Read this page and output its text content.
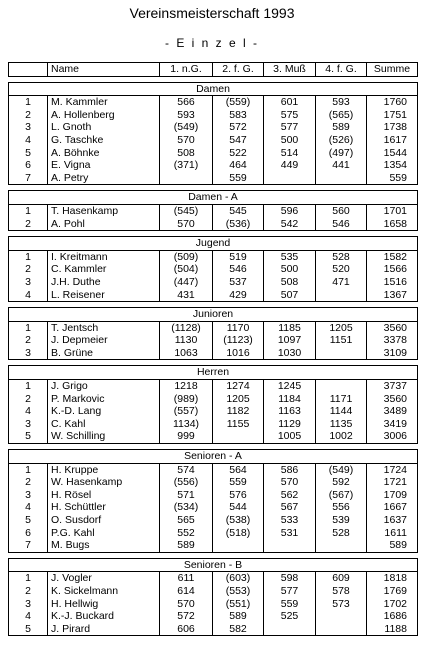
Vereinsmeisterschaft 1993
- E i n z e l -
	Name	1. n.G.	2. f. G.	3. Muß	4. f. G.	Summe

Damen						
1	M. Kammler	566	(559)	601	593	1760
2	A. Hollenberg	593	583	575	(565)	1751
3	L. Gnoth	(549)	572	577	589	1738
4	G. Taschke	570	547	500	(526)	1617
5	A. Böhnke	508	522	514	(497)	1544
6	E. Vigna	(371)	464	449	441	1354
7	A. Petry		559			559

Damen - A						
1	T. Hasenkamp	(545)	545	596	560	1701
2	A. Pohl	570	(536)	542	546	1658

Jugend						
1	I. Kreitmann	(509)	519	535	528	1582
2	C. Kammler	(504)	546	500	520	1566
3	J.H. Duthe	(447)	537	508	471	1516
4	L. Reisener	431	429	507		1367

Junioren						
1	T. Jentsch	(1128)	1170	1185	1205	3560
2	J. Depmeier	1130	(1123)	1097	1151	3378
3	B. Grüne	1063	1016	1030		3109

Herren						
1	J. Grigo	1218	1274	1245		3737
2	P. Markovic	(989)	1205	1184	1171	3560
4	K.-D. Lang	(557)	1182	1163	1144	3489
3	C. Kahl	1134)	1155	1129	1135	3419
5	W. Schilling	999		1005	1002	3006

Senioren - A						
1	H. Kruppe	574	564	586	(549)	1724
2	W. Hasenkamp	(556)	559	570	592	1721
3	H. Rösel	571	576	562	(567)	1709
4	H. Schüttler	(534)	544	567	556	1667
5	O. Susdorf	565	(538)	533	539	1637
6	P.G. Kahl	552	(518)	531	528	1611
7	M. Bugs	589				589

Senioren - B						
1	J. Vogler	611	(603)	598	609	1818
2	K. Sickelmann	614	(553)	577	578	1769
3	H. Hellwig	570	(551)	559	573	1702
4	K.-J. Buckard	572	589	525		1686
5	J. Pirard	606	582			1188
